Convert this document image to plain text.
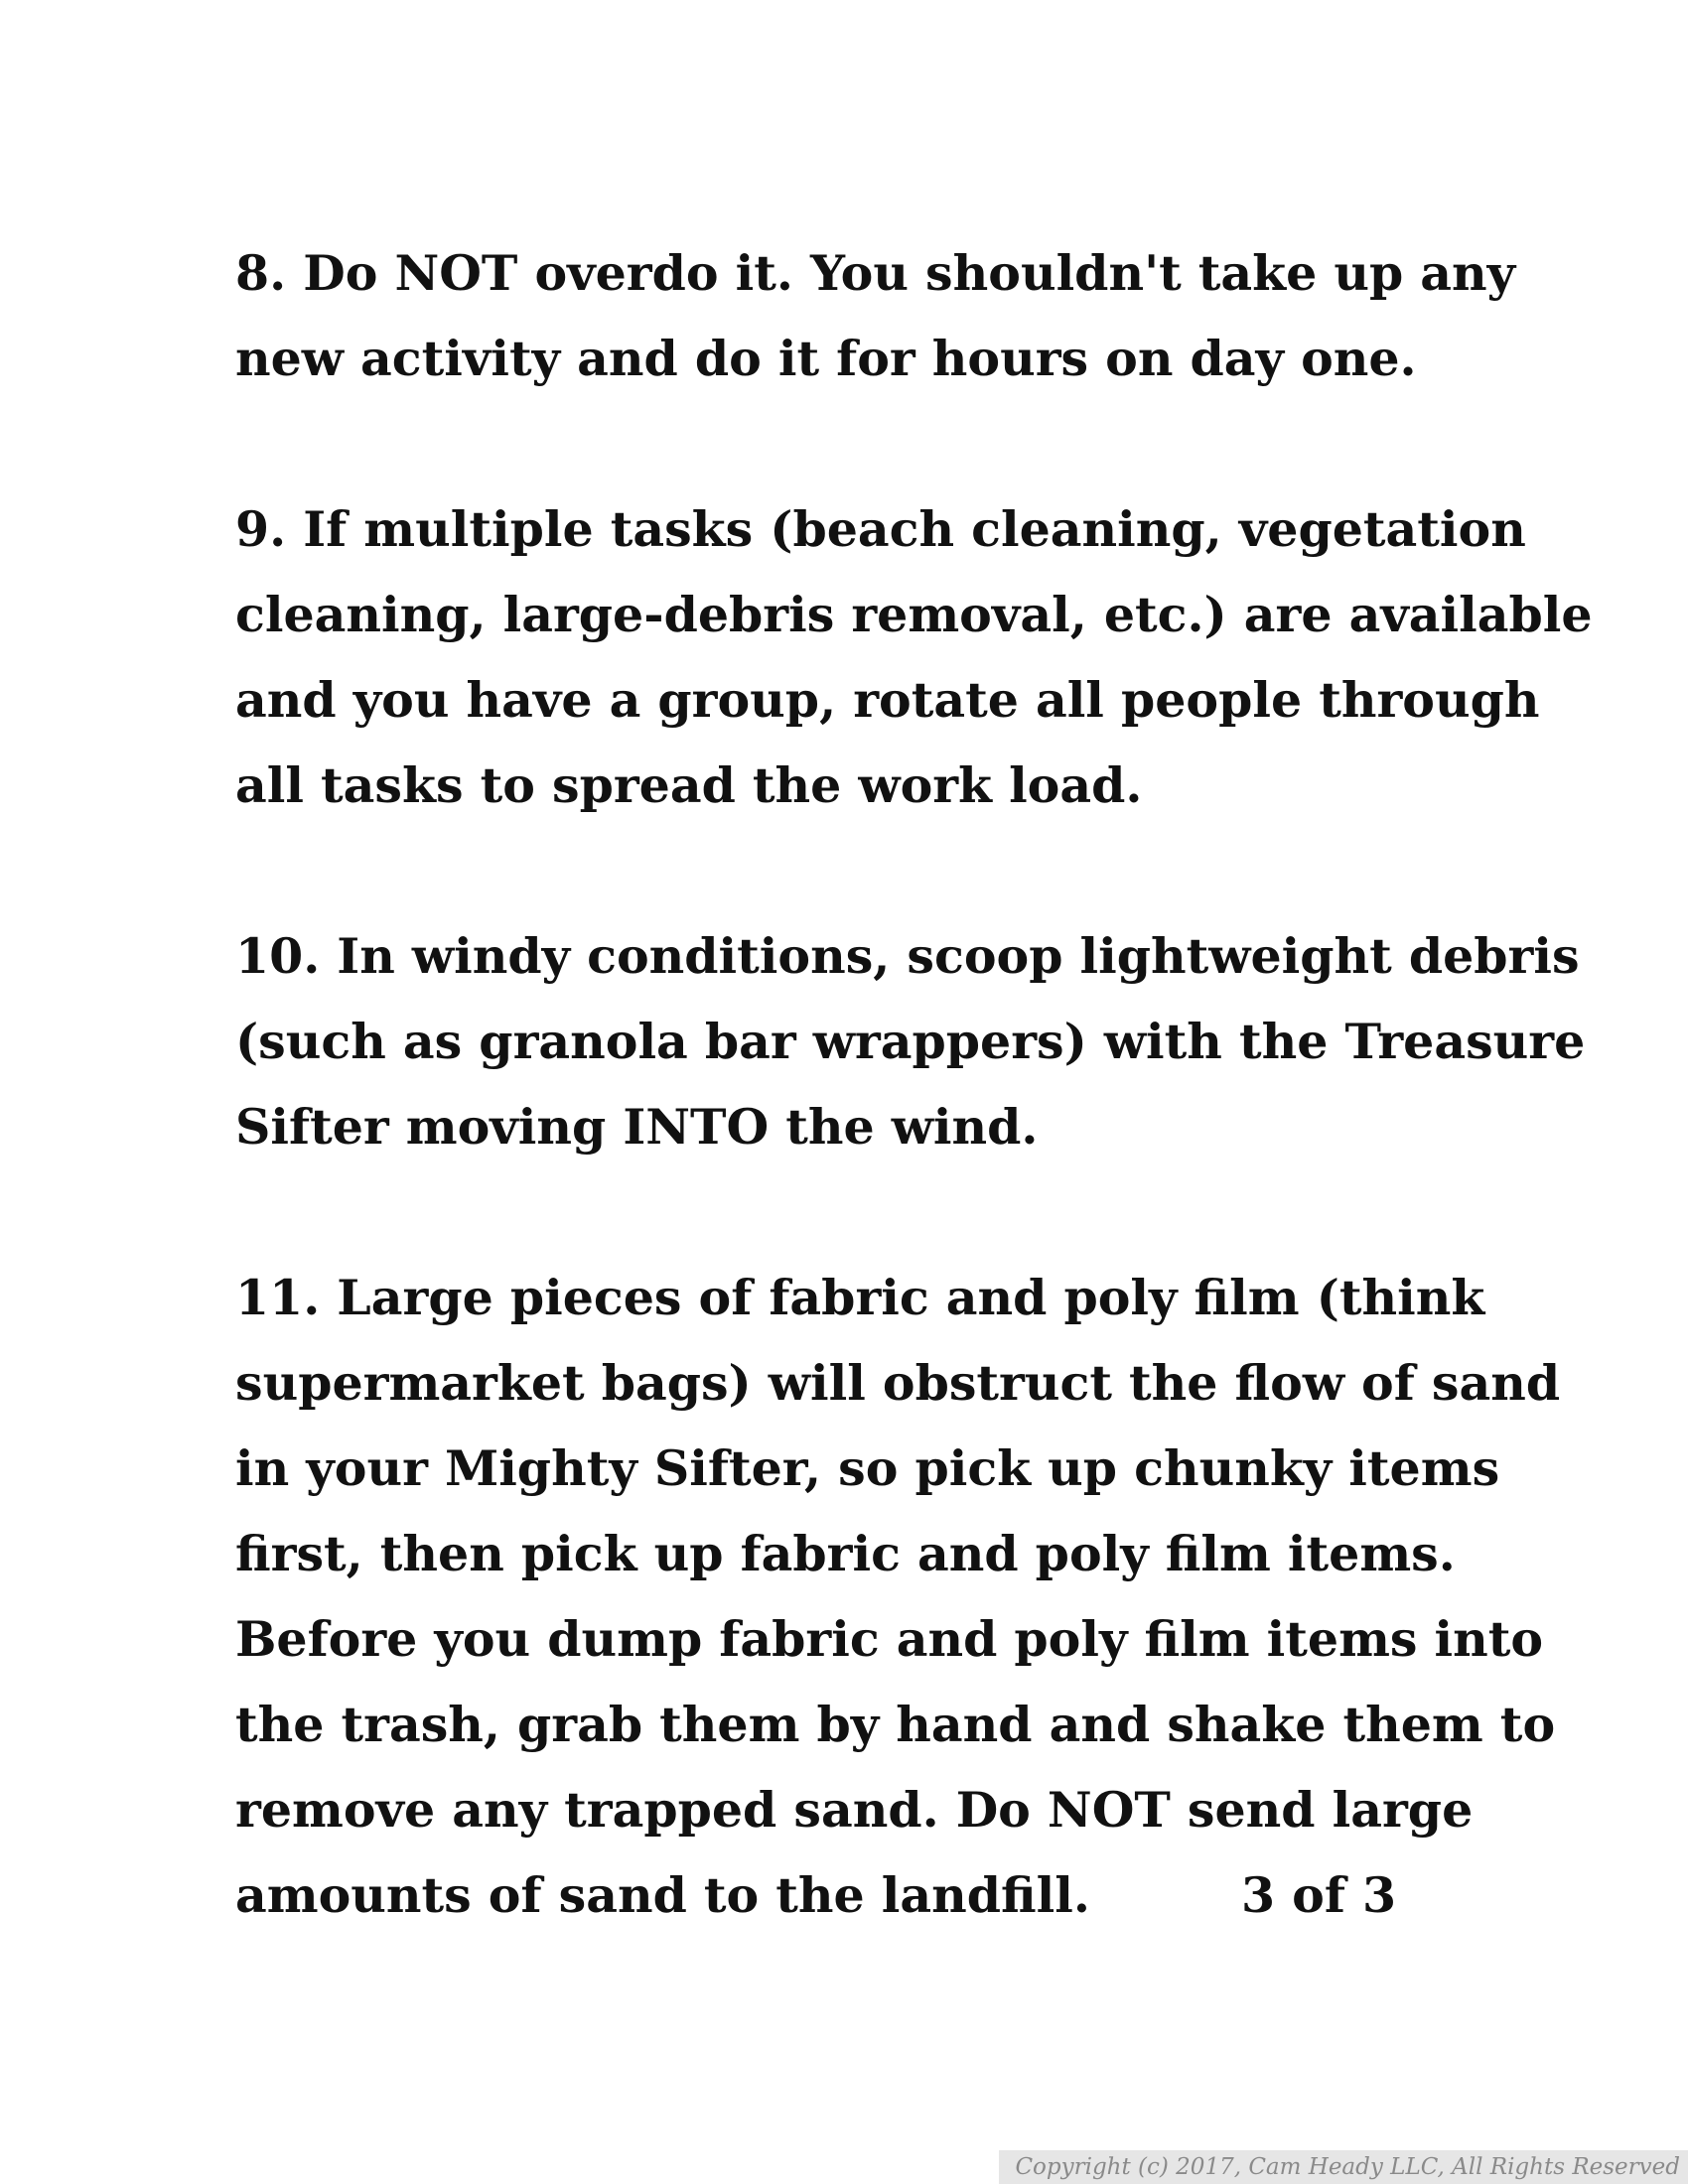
8. Do NOT overdo it. You shouldn't take up any

new activity and do it for hours on day one.

9. If multiple tasks (beach cleaning, vegetation

cleaning, large-debris removal, etc.) are available

and you have a group, rotate all people through

all tasks to spread the work load.

10. In windy conditions, scoop lightweight debris

(such as granola bar wrappers) with the Treasure

Sifter moving INTO the wind.

11. Large pieces of fabric and poly film (think

supermarket bags) will obstruct the flow of sand

in your Mighty Sifter, so pick up chunky items

first, then pick up fabric and poly film items.

Before you dump fabric and poly film items into

the trash, grab them by hand and shake them to

remove any trapped sand. Do NOT send large

amounts of sand to the landfill.	3 of 3

Copyright (c) 2017, Cam Heady LLC, All Rights Reserved
